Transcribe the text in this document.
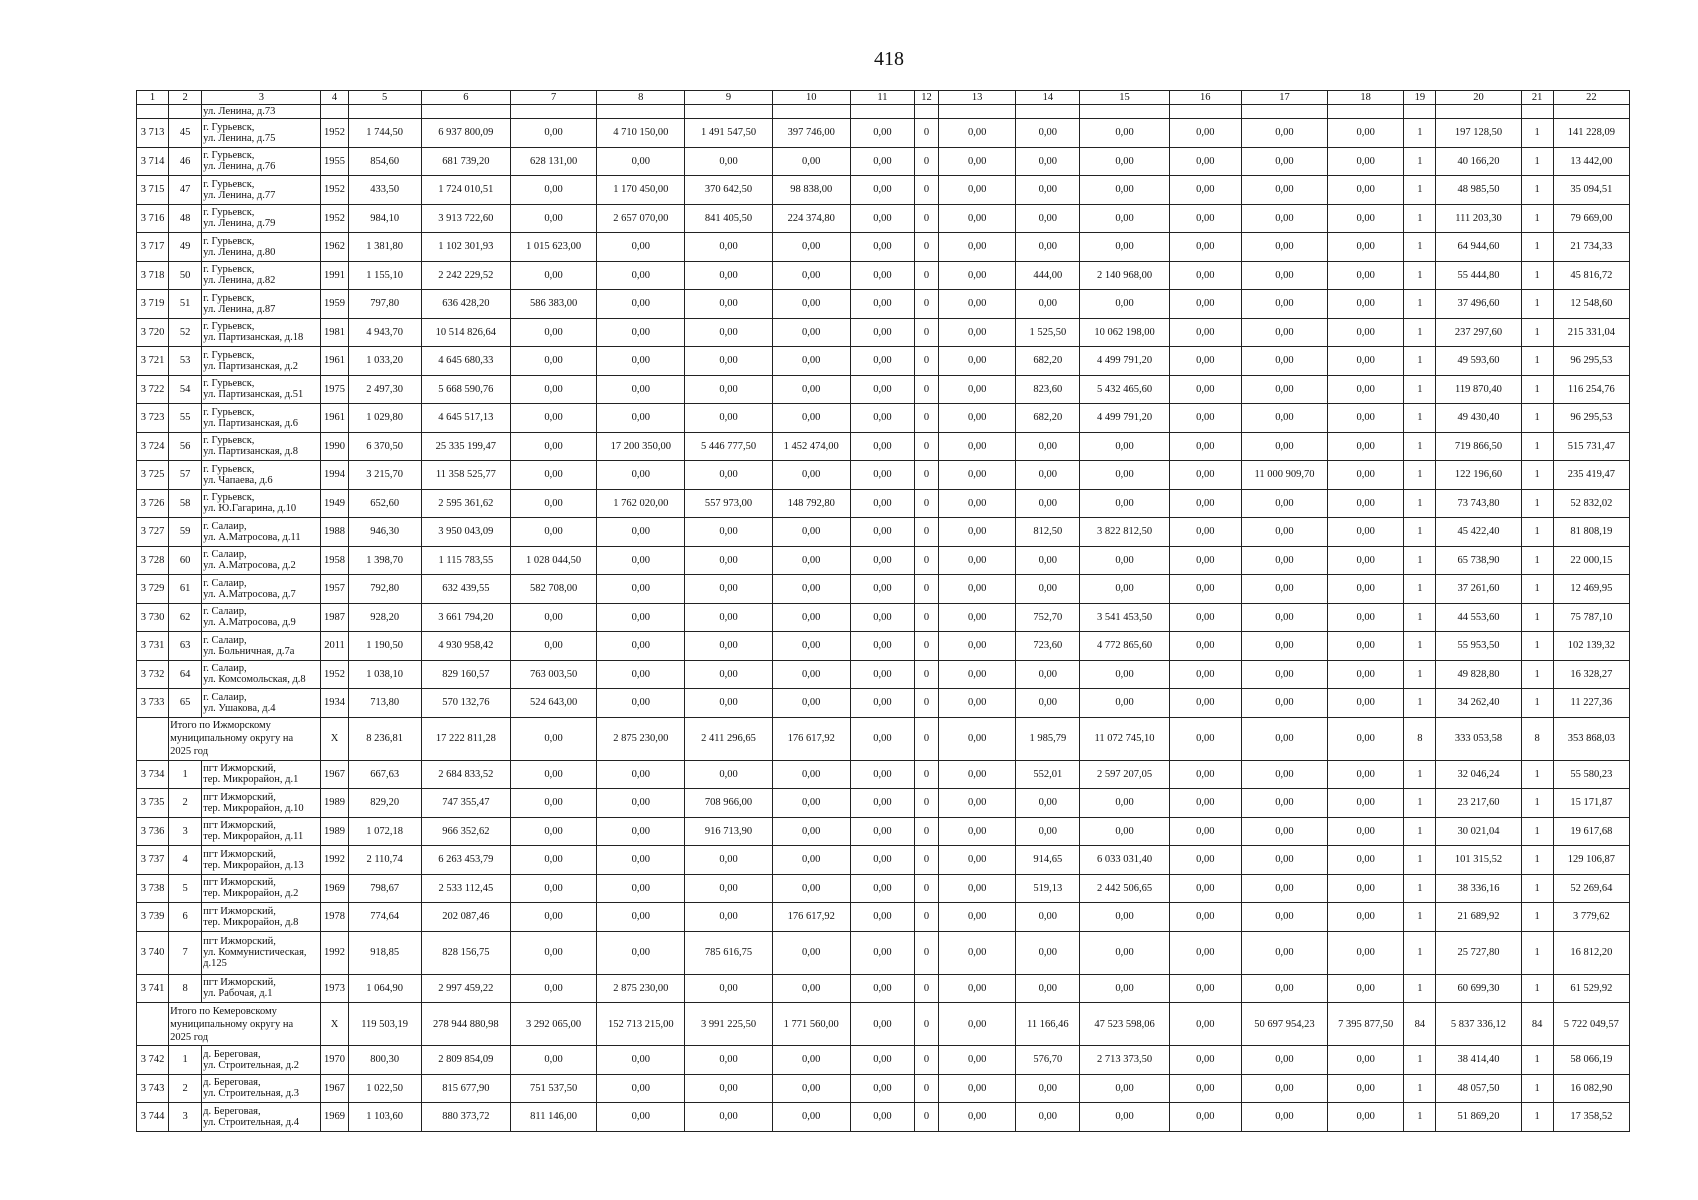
418
1	2	3	4	5	6	7	8	9	10	11	12	13	14	15	16	17	18	19	20	21	22
		ул. Ленина, д.73																			
3 713	45	г. Гурьевск,
ул. Ленина, д.75	1952	1 744,50	6 937 800,09	0,00	4 710 150,00	1 491 547,50	397 746,00	0,00	0	0,00	0,00	0,00	0,00	0,00	0,00	1	197 128,50	1	141 228,09
3 714	46	г. Гурьевск,
ул. Ленина, д.76	1955	854,60	681 739,20	628 131,00	0,00	0,00	0,00	0,00	0	0,00	0,00	0,00	0,00	0,00	0,00	1	40 166,20	1	13 442,00
3 715	47	г. Гурьевск,
ул. Ленина, д.77	1952	433,50	1 724 010,51	0,00	1 170 450,00	370 642,50	98 838,00	0,00	0	0,00	0,00	0,00	0,00	0,00	0,00	1	48 985,50	1	35 094,51
3 716	48	г. Гурьевск,
ул. Ленина, д.79	1952	984,10	3 913 722,60	0,00	2 657 070,00	841 405,50	224 374,80	0,00	0	0,00	0,00	0,00	0,00	0,00	0,00	1	111 203,30	1	79 669,00
3 717	49	г. Гурьевск,
ул. Ленина, д.80	1962	1 381,80	1 102 301,93	1 015 623,00	0,00	0,00	0,00	0,00	0	0,00	0,00	0,00	0,00	0,00	0,00	1	64 944,60	1	21 734,33
3 718	50	г. Гурьевск,
ул. Ленина, д.82	1991	1 155,10	2 242 229,52	0,00	0,00	0,00	0,00	0,00	0	0,00	444,00	2 140 968,00	0,00	0,00	0,00	1	55 444,80	1	45 816,72
3 719	51	г. Гурьевск,
ул. Ленина, д.87	1959	797,80	636 428,20	586 383,00	0,00	0,00	0,00	0,00	0	0,00	0,00	0,00	0,00	0,00	0,00	1	37 496,60	1	12 548,60
3 720	52	г. Гурьевск,
ул. Партизанская, д.18	1981	4 943,70	10 514 826,64	0,00	0,00	0,00	0,00	0,00	0	0,00	1 525,50	10 062 198,00	0,00	0,00	0,00	1	237 297,60	1	215 331,04
3 721	53	г. Гурьевск,
ул. Партизанская, д.2	1961	1 033,20	4 645 680,33	0,00	0,00	0,00	0,00	0,00	0	0,00	682,20	4 499 791,20	0,00	0,00	0,00	1	49 593,60	1	96 295,53
3 722	54	г. Гурьевск,
ул. Партизанская, д.51	1975	2 497,30	5 668 590,76	0,00	0,00	0,00	0,00	0,00	0	0,00	823,60	5 432 465,60	0,00	0,00	0,00	1	119 870,40	1	116 254,76
3 723	55	г. Гурьевск,
ул. Партизанская, д.6	1961	1 029,80	4 645 517,13	0,00	0,00	0,00	0,00	0,00	0	0,00	682,20	4 499 791,20	0,00	0,00	0,00	1	49 430,40	1	96 295,53
3 724	56	г. Гурьевск,
ул. Партизанская, д.8	1990	6 370,50	25 335 199,47	0,00	17 200 350,00	5 446 777,50	1 452 474,00	0,00	0	0,00	0,00	0,00	0,00	0,00	0,00	1	719 866,50	1	515 731,47
3 725	57	г. Гурьевск,
ул. Чапаева, д.6	1994	3 215,70	11 358 525,77	0,00	0,00	0,00	0,00	0,00	0	0,00	0,00	0,00	0,00	11 000 909,70	0,00	1	122 196,60	1	235 419,47
3 726	58	г. Гурьевск,
ул. Ю.Гагарина, д.10	1949	652,60	2 595 361,62	0,00	1 762 020,00	557 973,00	148 792,80	0,00	0	0,00	0,00	0,00	0,00	0,00	0,00	1	73 743,80	1	52 832,02
3 727	59	г. Салаир,
ул. А.Матросова, д.11	1988	946,30	3 950 043,09	0,00	0,00	0,00	0,00	0,00	0	0,00	812,50	3 822 812,50	0,00	0,00	0,00	1	45 422,40	1	81 808,19
3 728	60	г. Салаир,
ул. А.Матросова, д.2	1958	1 398,70	1 115 783,55	1 028 044,50	0,00	0,00	0,00	0,00	0	0,00	0,00	0,00	0,00	0,00	0,00	1	65 738,90	1	22 000,15
3 729	61	г. Салаир,
ул. А.Матросова, д.7	1957	792,80	632 439,55	582 708,00	0,00	0,00	0,00	0,00	0	0,00	0,00	0,00	0,00	0,00	0,00	1	37 261,60	1	12 469,95
3 730	62	г. Салаир,
ул. А.Матросова, д.9	1987	928,20	3 661 794,20	0,00	0,00	0,00	0,00	0,00	0	0,00	752,70	3 541 453,50	0,00	0,00	0,00	1	44 553,60	1	75 787,10
3 731	63	г. Салаир,
ул. Больничная, д.7а	2011	1 190,50	4 930 958,42	0,00	0,00	0,00	0,00	0,00	0	0,00	723,60	4 772 865,60	0,00	0,00	0,00	1	55 953,50	1	102 139,32
3 732	64	г. Салаир,
ул. Комсомольская, д.8	1952	1 038,10	829 160,57	763 003,50	0,00	0,00	0,00	0,00	0	0,00	0,00	0,00	0,00	0,00	0,00	1	49 828,80	1	16 328,27
3 733	65	г. Салаир,
ул. Ушакова, д.4	1934	713,80	570 132,76	524 643,00	0,00	0,00	0,00	0,00	0	0,00	0,00	0,00	0,00	0,00	0,00	1	34 262,40	1	11 227,36

	Итого по Ижморскому
муниципальному округу на
2025 год		X	8 236,81	17 222 811,28	0,00	2 875 230,00	2 411 296,65	176 617,92	0,00	0	0,00	1 985,79	11 072 745,10	0,00	0,00	0,00	8	333 053,58	8	353 868,03
3 734	1	пгт Ижморский,
тер. Микрорайон, д.1	1967	667,63	2 684 833,52	0,00	0,00	0,00	0,00	0,00	0	0,00	552,01	2 597 207,05	0,00	0,00	0,00	1	32 046,24	1	55 580,23
3 735	2	пгт Ижморский,
тер. Микрорайон, д.10	1989	829,20	747 355,47	0,00	0,00	708 966,00	0,00	0,00	0	0,00	0,00	0,00	0,00	0,00	0,00	1	23 217,60	1	15 171,87
3 736	3	пгт Ижморский,
тер. Микрорайон, д.11	1989	1 072,18	966 352,62	0,00	0,00	916 713,90	0,00	0,00	0	0,00	0,00	0,00	0,00	0,00	0,00	1	30 021,04	1	19 617,68
3 737	4	пгт Ижморский,
тер. Микрорайон, д.13	1992	2 110,74	6 263 453,79	0,00	0,00	0,00	0,00	0,00	0	0,00	914,65	6 033 031,40	0,00	0,00	0,00	1	101 315,52	1	129 106,87
3 738	5	пгт Ижморский,
тер. Микрорайон, д.2	1969	798,67	2 533 112,45	0,00	0,00	0,00	0,00	0,00	0	0,00	519,13	2 442 506,65	0,00	0,00	0,00	1	38 336,16	1	52 269,64
3 739	6	пгт Ижморский,
тер. Микрорайон, д.8	1978	774,64	202 087,46	0,00	0,00	0,00	176 617,92	0,00	0	0,00	0,00	0,00	0,00	0,00	0,00	1	21 689,92	1	3 779,62
3 740	7	пгт Ижморский,
ул. Коммунистическая,
д.125	1992	918,85	828 156,75	0,00	0,00	785 616,75	0,00	0,00	0	0,00	0,00	0,00	0,00	0,00	0,00	1	25 727,80	1	16 812,20
3 741	8	пгт Ижморский,
ул. Рабочая, д.1	1973	1 064,90	2 997 459,22	0,00	2 875 230,00	0,00	0,00	0,00	0	0,00	0,00	0,00	0,00	0,00	0,00	1	60 699,30	1	61 529,92

	Итого по Кемеровскому
муниципальному округу на
2025 год		X	119 503,19	278 944 880,98	3 292 065,00	152 713 215,00	3 991 225,50	1 771 560,00	0,00	0	0,00	11 166,46	47 523 598,06	0,00	50 697 954,23	7 395 877,50	84	5 837 336,12	84	5 722 049,57
3 742	1	д. Береговая,
ул. Строительная, д.2	1970	800,30	2 809 854,09	0,00	0,00	0,00	0,00	0,00	0	0,00	576,70	2 713 373,50	0,00	0,00	0,00	1	38 414,40	1	58 066,19
3 743	2	д. Береговая,
ул. Строительная, д.3	1967	1 022,50	815 677,90	751 537,50	0,00	0,00	0,00	0,00	0	0,00	0,00	0,00	0,00	0,00	0,00	1	48 057,50	1	16 082,90
3 744	3	д. Береговая,
ул. Строительная, д.4	1969	1 103,60	880 373,72	811 146,00	0,00	0,00	0,00	0,00	0	0,00	0,00	0,00	0,00	0,00	0,00	1	51 869,20	1	17 358,52
